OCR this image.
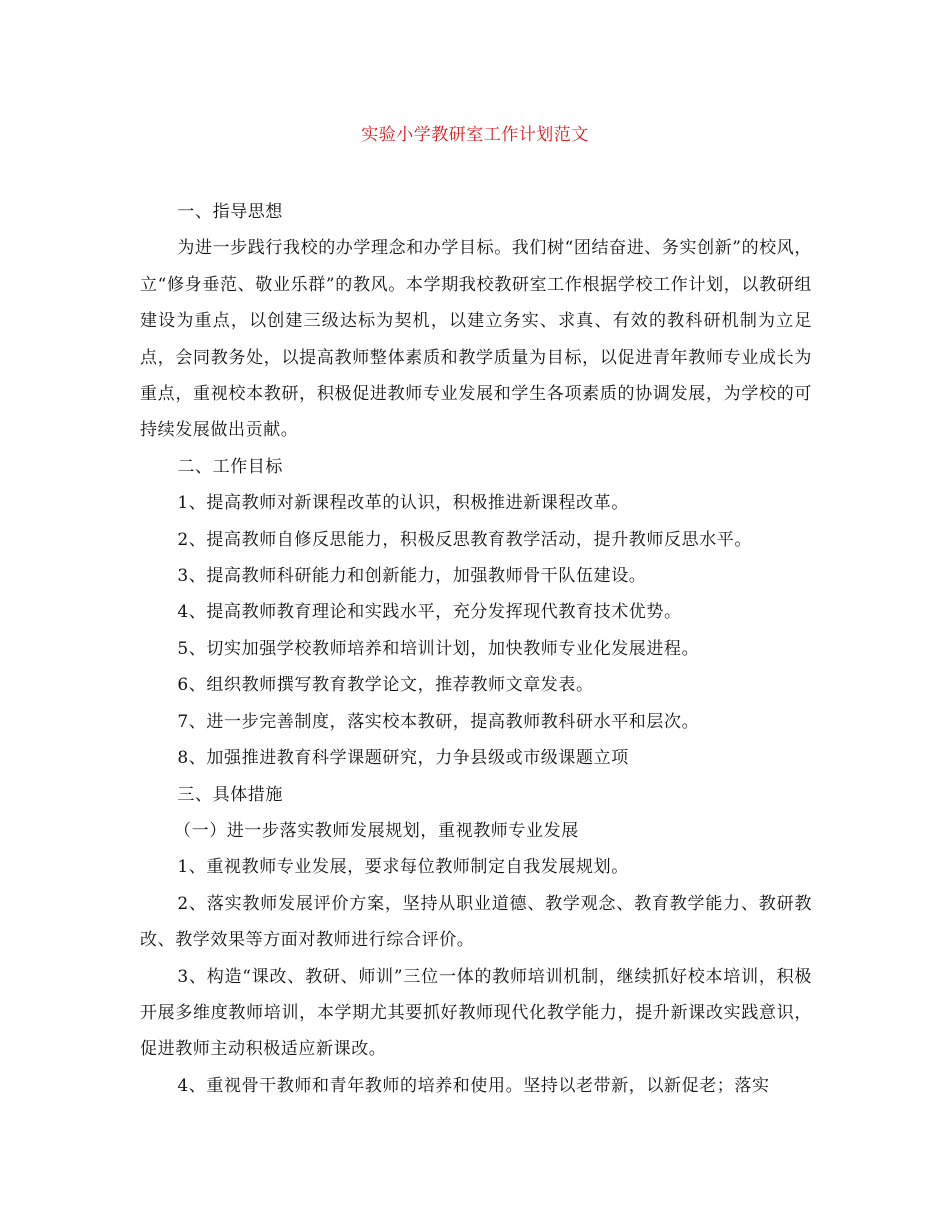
实验小学教研室工作计划范文

一、指导思想

为进一步践行我校的办学理念和办学目标。我们树“团结奋进、务实创新”的校风，立“修身垂范、敬业乐群”的教风。本学期我校教研室工作根据学校工作计划，以教研组建设为重点，以创建三级达标为契机，以建立务实、求真、有效的教科研机制为立足点，会同教务处，以提高教师整体素质和教学质量为目标，以促进青年教师专业成长为重点，重视校本教研，积极促进教师专业发展和学生各项素质的协调发展，为学校的可持续发展做出贡献。

二、工作目标

1、提高教师对新课程改革的认识，积极推进新课程改革。

2、提高教师自修反思能力，积极反思教育教学活动，提升教师反思水平。

3、提高教师科研能力和创新能力，加强教师骨干队伍建设。

4、提高教师教育理论和实践水平，充分发挥现代教育技术优势。

5、切实加强学校教师培养和培训计划，加快教师专业化发展进程。

6、组织教师撰写教育教学论文，推荐教师文章发表。

7、进一步完善制度，落实校本教研，提高教师教科研水平和层次。

8、加强推进教育科学课题研究，力争县级或市级课题立项

三、具体措施

（一）进一步落实教师发展规划，重视教师专业发展

1、重视教师专业发展，要求每位教师制定自我发展规划。

2、落实教师发展评价方案，坚持从职业道德、教学观念、教育教学能力、教研教改、教学效果等方面对教师进行综合评价。

3、构造“课改、教研、师训”三位一体的教师培训机制，继续抓好校本培训，积极开展多维度教师培训，本学期尤其要抓好教师现代化教学能力，提升新课改实践意识，促进教师主动积极适应新课改。

4、重视骨干教师和青年教师的培养和使用。坚持以老带新，以新促老；落实
